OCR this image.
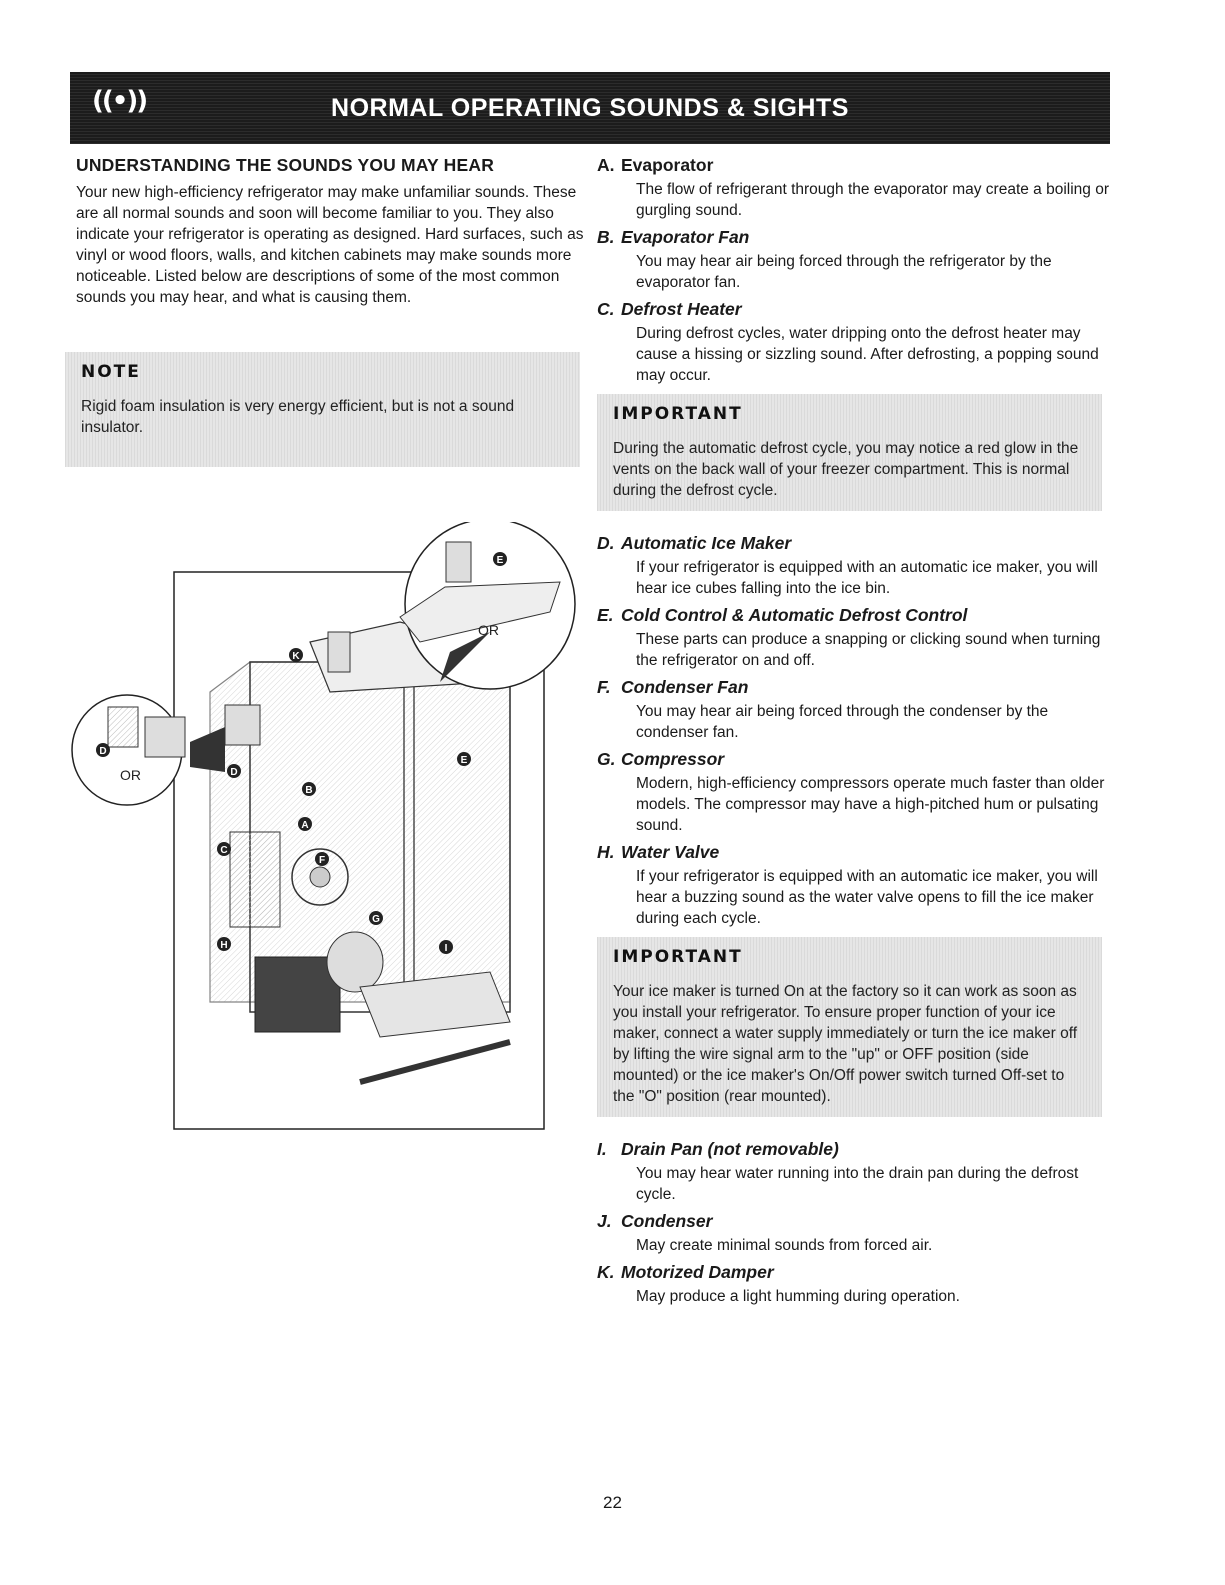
((•))	NORMAL OPERATING SOUNDS & SIGHTS
UNDERSTANDING THE SOUNDS YOU MAY HEAR

Your new high-efficiency refrigerator may make unfamiliar sounds. These are all normal sounds and soon will become familiar to you. They also indicate your refrigerator is operating as designed. Hard surfaces, such as vinyl or wood floors, walls, and kitchen cabinets may make sounds more noticeable. Listed below are descriptions of some of the most common sounds you may hear, and what is causing them.

NOTE
Rigid foam insulation is very energy efficient, but is not a sound insulator.
OR
OR
E
K
E
D
D
B
A
C
F
G
H	I
A. Evaporator

The flow of refrigerant through the evaporator may create a boiling or gurgling sound.

B. Evaporator Fan

You may hear air being forced through the refrigerator by the evaporator fan.

C. Defrost Heater

During defrost cycles, water dripping onto the defrost heater may cause a hissing or sizzling sound. After defrosting, a popping sound may occur.

IMPORTANT
During the automatic defrost cycle, you may notice a red glow in the vents on the back wall of your freezer compartment. This is normal during the defrost cycle.
D. Automatic Ice Maker

If your refrigerator is equipped with an automatic ice maker, you will hear ice cubes falling into the ice bin.

E. Cold Control & Automatic Defrost Control

These parts can produce a snapping or clicking sound when turning the refrigerator on and off.

F. Condenser Fan

You may hear air being forced through the condenser by the condenser fan.

G. Compressor

Modern, high-efficiency compressors operate much faster than older models. The compressor may have a high-pitched hum or pulsating sound.

H. Water Valve

If your refrigerator is equipped with an automatic ice maker, you will hear a buzzing sound as the water valve opens to fill the ice maker during each cycle.

IMPORTANT
Your ice maker is turned On at the factory so it can work as soon as you install your refrigerator. To ensure proper function of your ice maker, connect a water supply immediately or turn the ice maker off by lifting the wire signal arm to the "up" or OFF position (side mounted) or the ice maker's On/Off power switch turned Off-set to the "O" position (rear mounted).
I. Drain Pan (not removable)

You may hear water running into the drain pan during the defrost cycle.

J. Condenser

May create minimal sounds from forced air.

K. Motorized Damper

May produce a light humming during operation.

22
